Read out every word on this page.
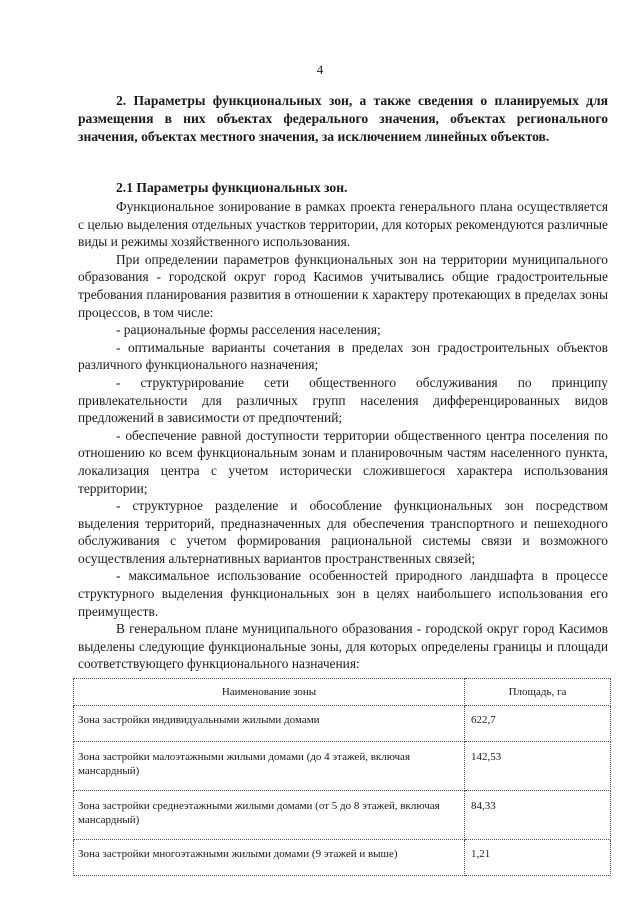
4
2. Параметры функциональных зон, а также сведения о планируемых для размещения в них объектах федерального значения, объектах регионального значения, объектах местного значения, за исключением линейных объектов.
2.1 Параметры функциональных зон.

Функциональное зонирование в рамках проекта генерального плана осуществляется с целью выделения отдельных участков территории, для которых рекомендуются различные виды и режимы хозяйственного использования.

При определении параметров функциональных зон на территории муниципального образования - городской округ город Касимов учитывались общие градостроительные требования планирования развития в отношении к характеру протекающих в пределах зоны процессов, в том числе:

- рациональные формы расселения населения;

- оптимальные варианты сочетания в пределах зон градостроительных объектов различного функционального назначения;

- структурирование сети общественного обслуживания по принципу привлекательности для различных групп населения дифференцированных видов предложений в зависимости от предпочтений;

- обеспечение равной доступности территории общественного центра поселения по отношению ко всем функциональным зонам и планировочным частям населенного пункта, локализация центра с учетом исторически сложившегося характера использования территории;

- структурное разделение и обособление функциональных зон посредством выделения территорий, предназначенных для обеспечения транспортного и пешеходного обслуживания с учетом формирования рациональной системы связи и возможного осуществления альтернативных вариантов пространственных связей;

- максимальное использование особенностей природного ландшафта в процессе структурного выделения функциональных зон в целях наибольшего использования его преимуществ.

В генеральном плане муниципального образования - городской округ город Касимов выделены следующие функциональные зоны, для которых определены границы и площади соответствующего функционального назначения:

Наименование зоны	Площадь, га
Зона застройки индивидуальными жилыми домами	622,7
Зона застройки малоэтажными жилыми домами (до 4 этажей, включая мансардный)	142,53
Зона застройки среднеэтажными жилыми домами (от 5 до 8 этажей, включая мансардный)	84,33
Зона застройки многоэтажными жилыми домами (9 этажей и выше)	1,21
